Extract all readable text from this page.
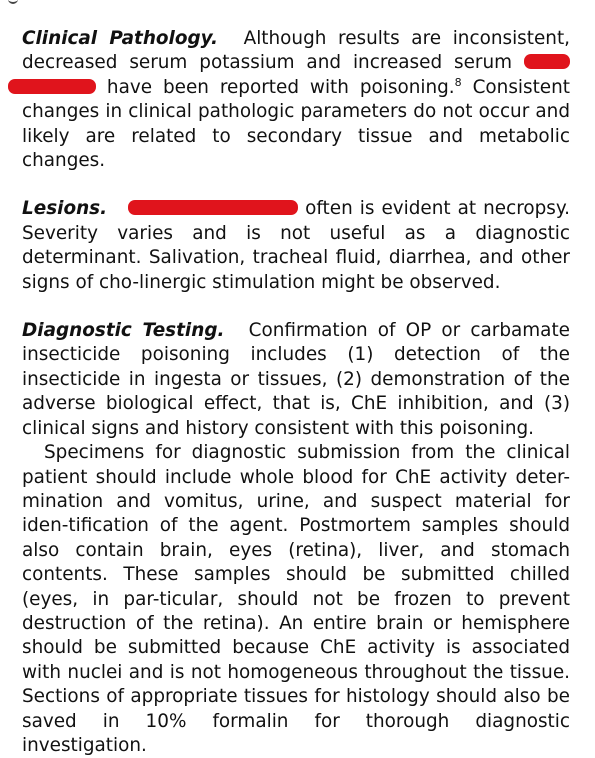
Clinical Pathology. Although results are inconsistent, decreased serum potassium and increased serum   have been reported with poisoning.$^8$ Consistent changes in clinical pathologic parameters do not occur and likely are related to secondary tissue and metabolic changes.

Lesions.	often is evident at necropsy. Severity varies and is not useful as a diagnostic determinant. Salivation, tracheal fluid, diarrhea, and other signs of cho-linergic stimulation might be observed.

Diagnostic Testing. Confirmation of OP or carbamate insecticide poisoning includes (1) detection of the insecticide in ingesta or tissues, (2) demonstration of the adverse biological effect, that is, ChE inhibition, and (3) clinical signs and history consistent with this poisoning.

Specimens for diagnostic submission from the clinical patient should include whole blood for ChE activity deter-mination and vomitus, urine, and suspect material for iden-tification of the agent. Postmortem samples should also contain brain, eyes (retina), liver, and stomach contents. These samples should be submitted chilled (eyes, in par-ticular, should not be frozen to prevent destruction of the retina). An entire brain or hemisphere should be submitted because ChE activity is associated with nuclei and is not homogeneous throughout the tissue. Sections of appropriate tissues for histology should also be saved in 10% formalin for thorough diagnostic investigation.
